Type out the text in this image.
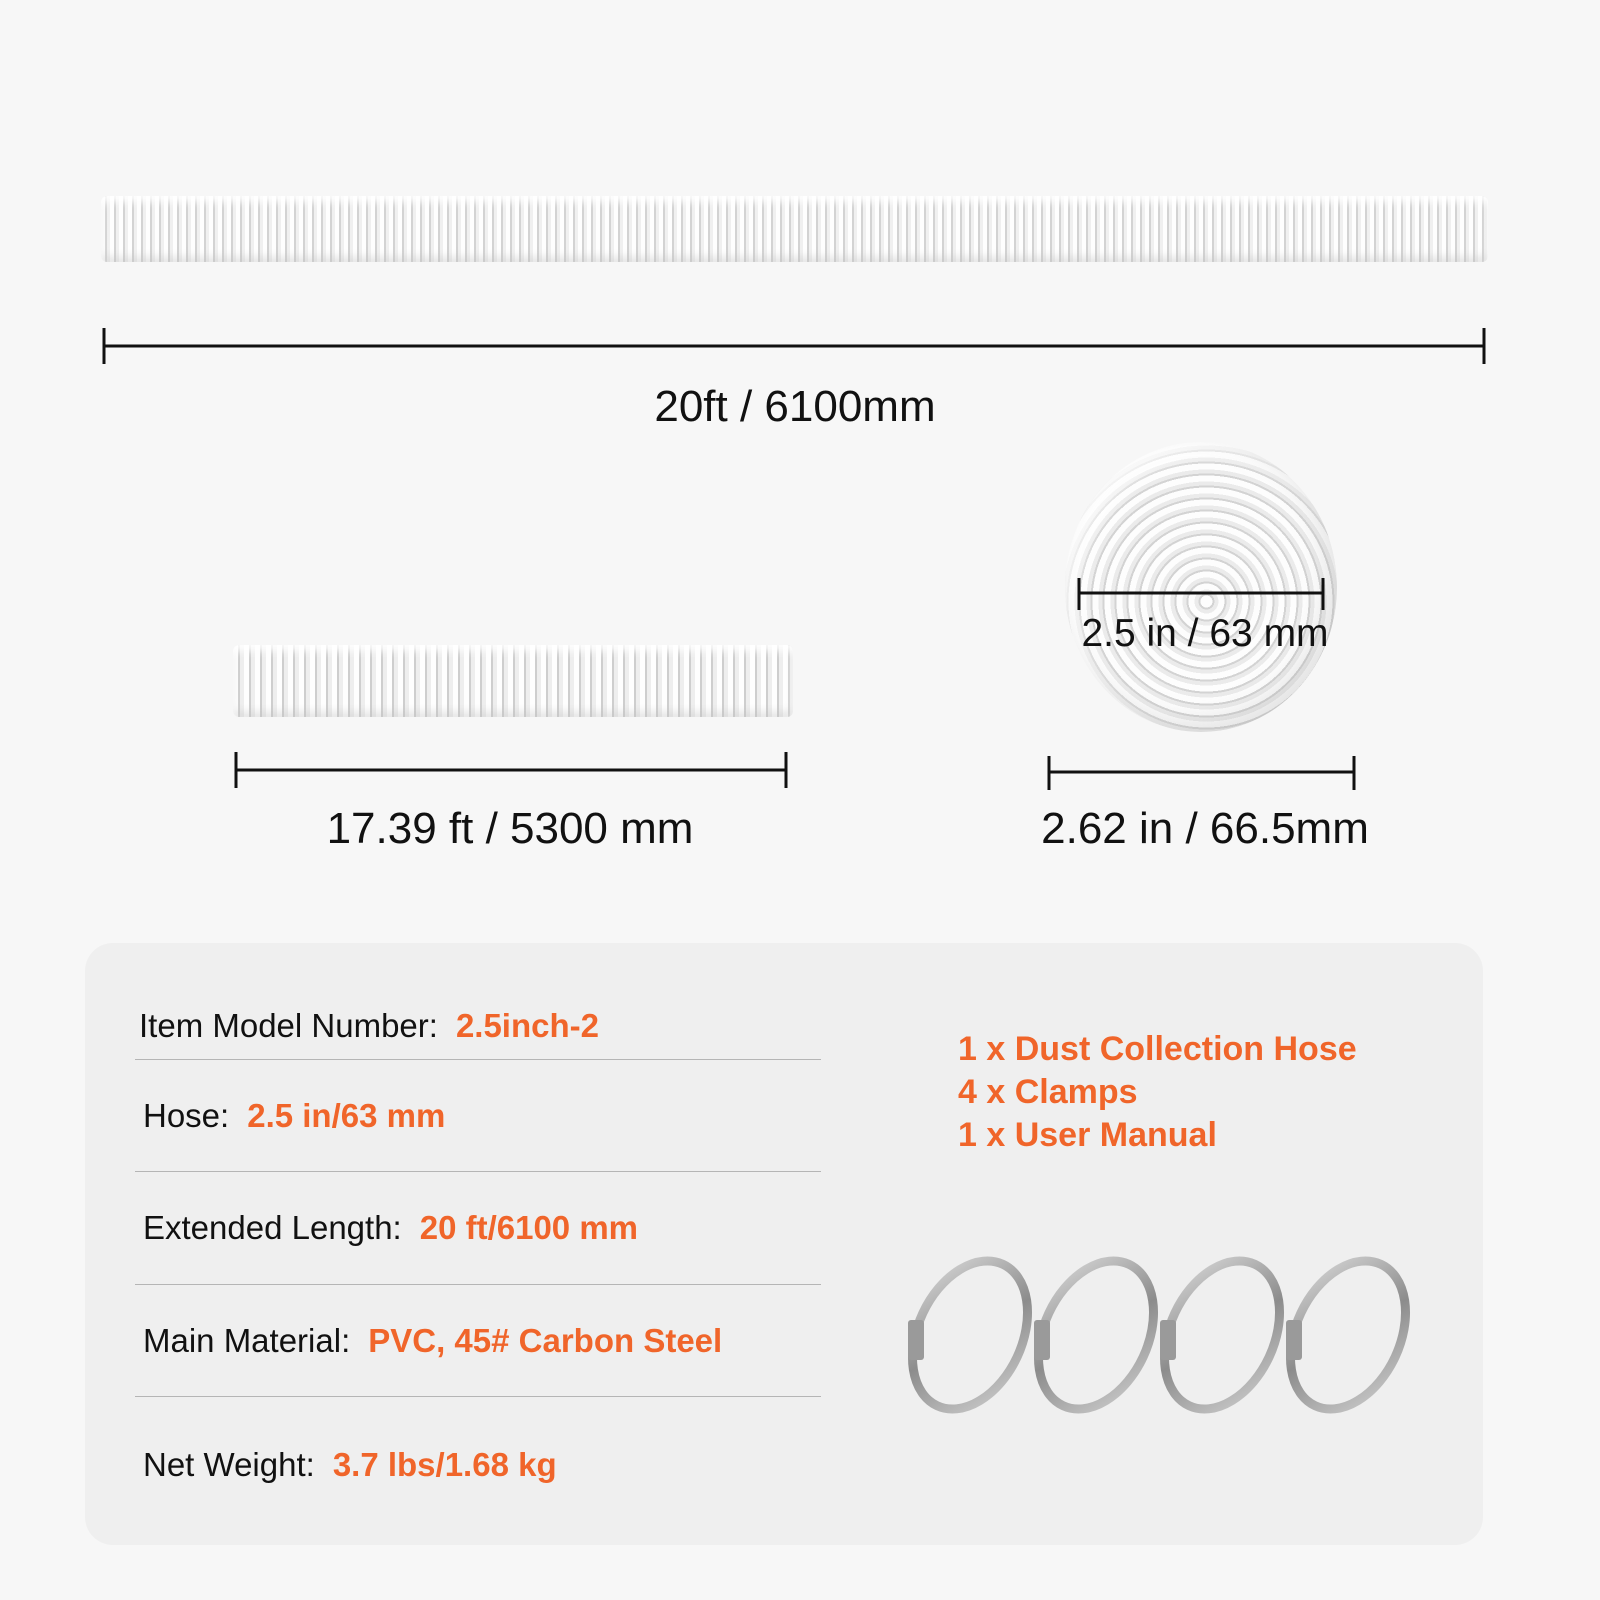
20ft / 6100mm
17.39 ft / 5300 mm
2.5 in / 63 mm
2.62 in / 66.5mm
Item Model Number: 2.5inch-2
Hose: 2.5 in/63 mm
Extended Length: 20 ft/6100 mm
Main Material: PVC, 45# Carbon Steel
Net Weight: 3.7 lbs/1.68 kg
1 x Dust Collection Hose
4 x Clamps
1 x User Manual
